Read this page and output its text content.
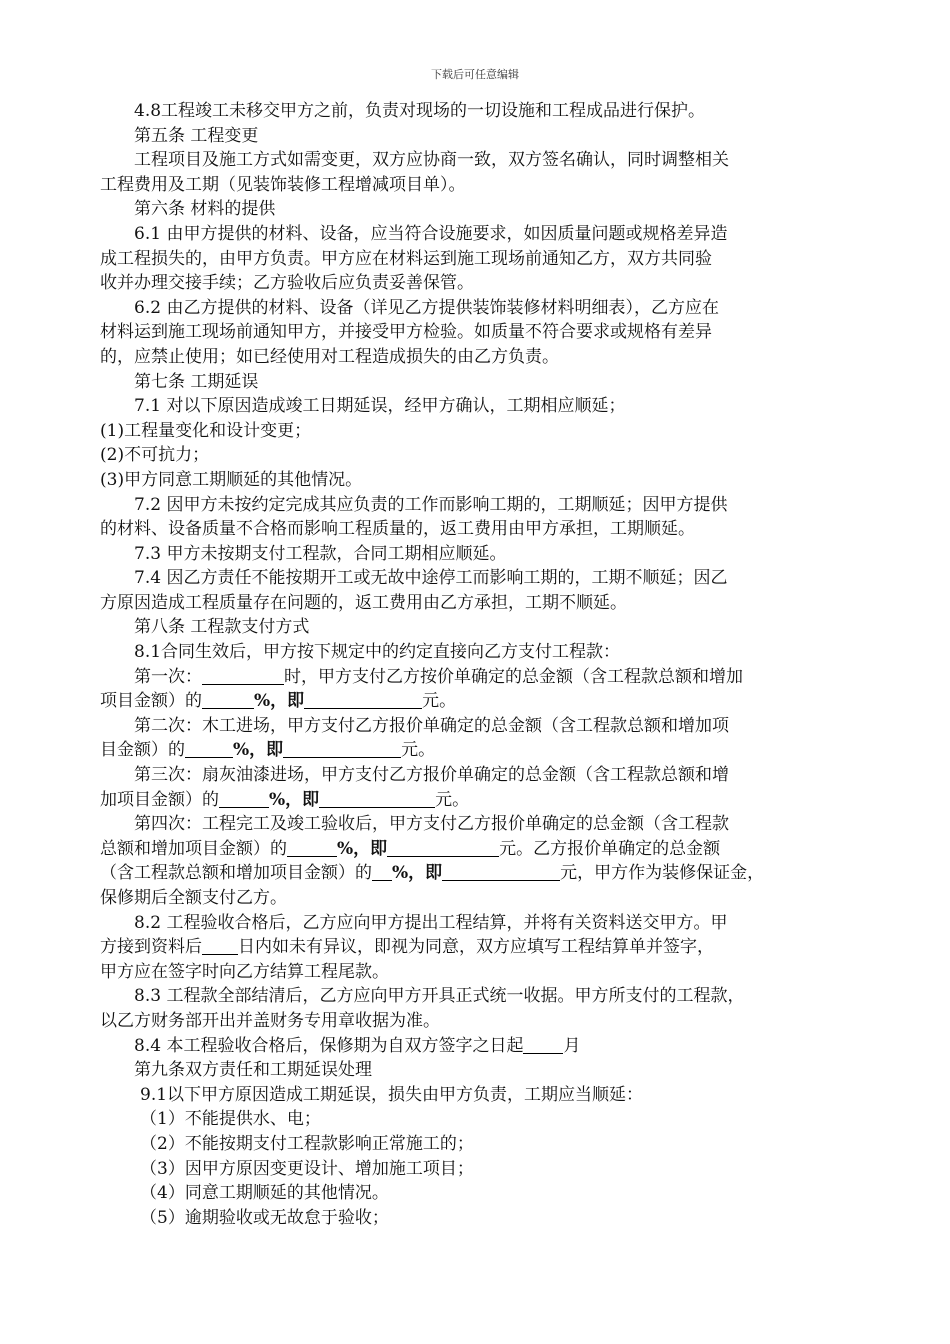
下载后可任意编辑

4.8工程竣工未移交甲方之前，负责对现场的一切设施和工程成品进行保护。

第五条 工程变更

工程项目及施工方式如需变更，双方应协商一致，双方签名确认，同时调整相关

工程费用及工期（见装饰装修工程增减项目单）。

第六条 材料的提供

6.1 由甲方提供的材料、设备，应当符合设施要求，如因质量问题或规格差异造

成工程损失的，由甲方负责。甲方应在材料运到施工现场前通知乙方，双方共同验

收并办理交接手续；乙方验收后应负责妥善保管。

6.2 由乙方提供的材料、设备（详见乙方提供装饰装修材料明细表），乙方应在

材料运到施工现场前通知甲方，并接受甲方检验。如质量不符合要求或规格有差异

的，应禁止使用；如已经使用对工程造成损失的由乙方负责。

第七条 工期延误

7.1 对以下原因造成竣工日期延误，经甲方确认，工期相应顺延；

(1)工程量变化和设计变更；

(2)不可抗力；

(3)甲方同意工期顺延的其他情况。

7.2 因甲方未按约定完成其应负责的工作而影响工期的，工期顺延；因甲方提供

的材料、设备质量不合格而影响工程质量的，返工费用由甲方承担，工期顺延。

7.3 甲方未按期支付工程款，合同工期相应顺延。

7.4 因乙方责任不能按期开工或无故中途停工而影响工期的，工期不顺延；因乙

方原因造成工程质量存在问题的，返工费用由乙方承担，工期不顺延。

第八条 工程款支付方式

8.1合同生效后，甲方按下规定中的约定直接向乙方支付工程款：

第一次：	时，甲方支付乙方按价单确定的总金额（含工程款总额和增加

项目金额）的	%，即	元。

第二次：木工进场，甲方支付乙方报价单确定的总金额（含工程款总额和增加项

目金额）的	%，即	元。

第三次：扇灰油漆进场，甲方支付乙方报价单确定的总金额（含工程款总额和增

加项目金额）的	%，即	元。

第四次：工程完工及竣工验收后，甲方支付乙方报价单确定的总金额（含工程款

总额和增加项目金额）的	%，即	元。乙方报价单确定的总金额

（含工程款总额和增加项目金额）的 %，即	元，甲方作为装修保证金，

保修期后全额支付乙方。

8.2 工程验收合格后，乙方应向甲方提出工程结算，并将有关资料送交甲方。甲

方接到资料后 日内如未有异议，即视为同意，双方应填写工程结算单并签字，

甲方应在签字时向乙方结算工程尾款。

8.3 工程款全部结清后，乙方应向甲方开具正式统一收据。甲方所支付的工程款，

以乙方财务部开出并盖财务专用章收据为准。

8.4 本工程验收合格后，保修期为自双方签字之日起 月

第九条双方责任和工期延误处理

9.1以下甲方原因造成工期延误，损失由甲方负责，工期应当顺延：

（1）不能提供水、电；

（2）不能按期支付工程款影响正常施工的；

（3）因甲方原因变更设计、增加施工项目；

（4）同意工期顺延的其他情况。

（5）逾期验收或无故怠于验收；
